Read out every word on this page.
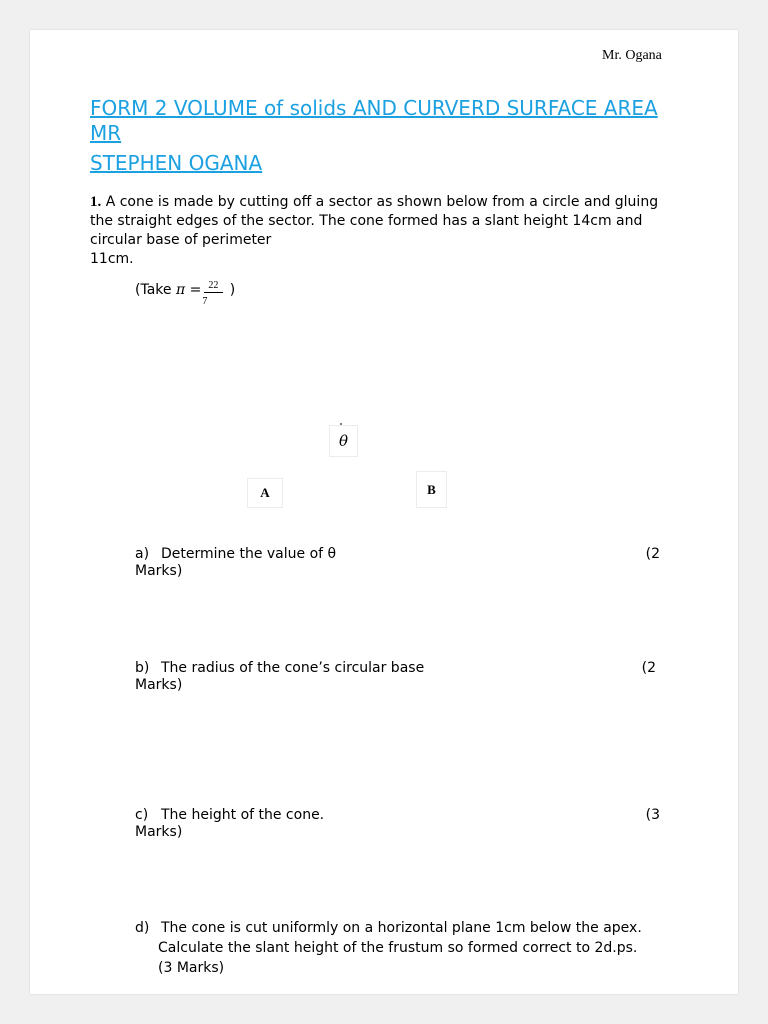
Mr. Ogana
FORM 2 VOLUME of solids AND CURVERD SURFACE AREA MR
STEPHEN OGANA
1. A cone is made by cutting off a sector as shown below from a circle and gluing
the straight edges of the sector. The cone formed has a slant height 14cm and
circular base of perimeter
11cm.
(Take π = 22
7
)
θ
A	B
a) Determine the value of θ	(2
Marks)
b) The radius of the cone’s circular base	(2
Marks)
c) The height of the cone.	(3
Marks)
d) The cone is cut uniformly on a horizontal plane 1cm below the apex.
Calculate the slant height of the frustum so formed correct to 2d.ps.
(3 Marks)
